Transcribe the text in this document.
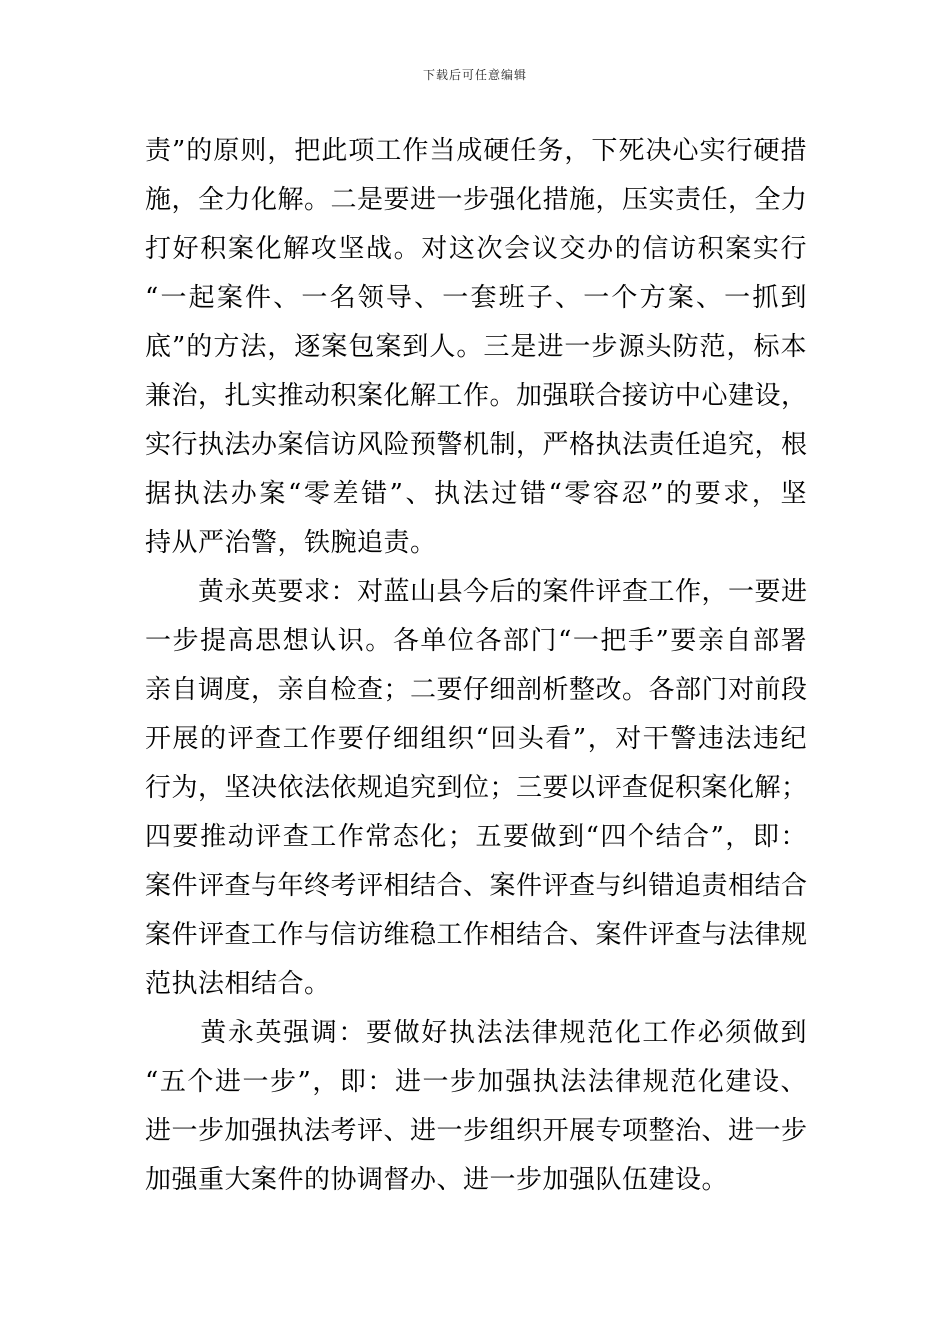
下载后可任意编辑
责”的原则，把此项工作当成硬任务，下死决心实行硬措
施，全力化解。二是要进一步强化措施，压实责任，全力
打好积案化解攻坚战。对这次会议交办的信访积案实行
“一起案件、一名领导、一套班子、一个方案、一抓到
底”的方法，逐案包案到人。三是进一步源头防范，标本
兼治，扎实推动积案化解工作。加强联合接访中心建设，
实行执法办案信访风险预警机制，严格执法责任追究，根
据执法办案“零差错”、执法过错“零容忍”的要求，坚
持从严治警，铁腕追责。
　　黄永英要求：对蓝山县今后的案件评查工作，一要进
一步提高思想认识。各单位各部门“一把手”要亲自部署
亲自调度，亲自检查；二要仔细剖析整改。各部门对前段
开展的评查工作要仔细组织“回头看”，对干警违法违纪
行为，坚决依法依规追究到位；三要以评查促积案化解；
四要推动评查工作常态化；五要做到“四个结合”，即：
案件评查与年终考评相结合、案件评查与纠错追责相结合
案件评查工作与信访维稳工作相结合、案件评查与法律规
范执法相结合。
　　黄永英强调：要做好执法法律规范化工作必须做到
“五个进一步”，即：进一步加强执法法律规范化建设、
进一步加强执法考评、进一步组织开展专项整治、进一步
加强重大案件的协调督办、进一步加强队伍建设。
